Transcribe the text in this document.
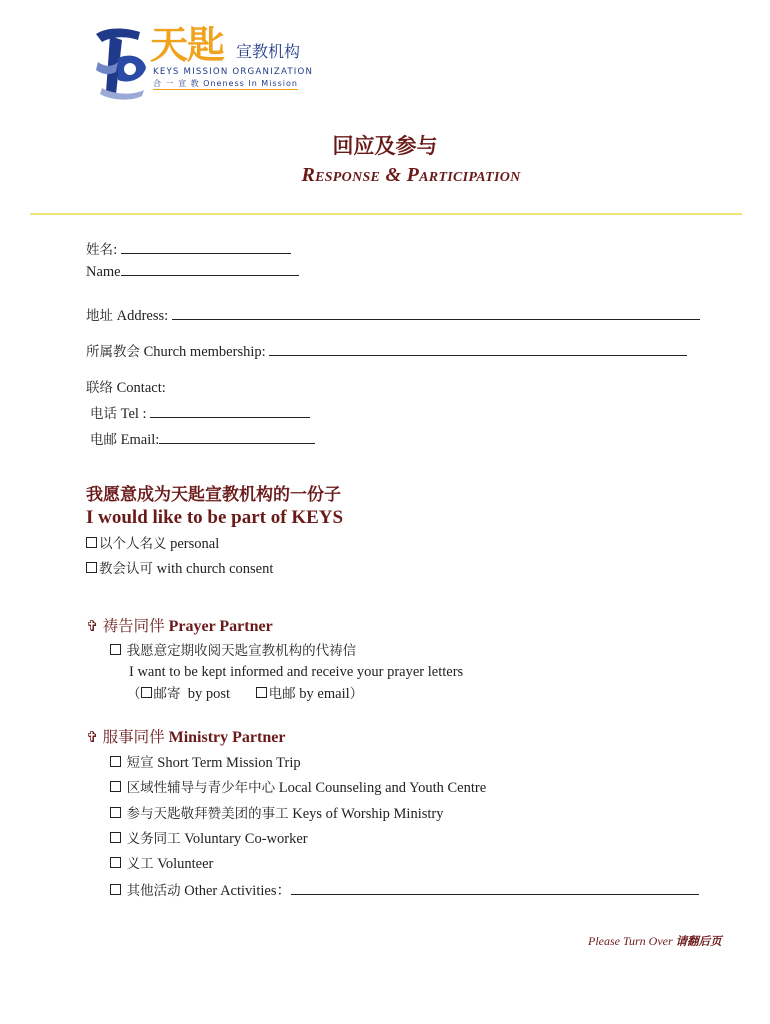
天匙 宣教机构
KEYS MISSION ORGANIZATION
合 一 宣 教 Oneness In Mission
回应及参与
Response & Participation
姓名:
Name
地址 Address:
所属教会 Church membership:
联络 Contact:
电话 Tel :
电邮 Email:
我愿意成为天匙宣教机构的一份子
I would like to be part of KEYS
以个人名义 personal
教会认可 with church consent
✞ 祷告同伴 Prayer Partner
我愿意定期收阅天匙宣教机构的代祷信
I want to be kept informed and receive your prayer letters
（ 邮寄 by post	电邮 by email）
✞ 服事同伴 Ministry Partner
短宣 Short Term Mission Trip
区域性辅导与青少年中心 Local Counseling and Youth Centre
参与天匙敬拜赞美团的事工 Keys of Worship Ministry
义务同工 Voluntary Co-worker
义工 Volunteer
其他活动 Other Activities：
Please Turn Over 请翻后页
